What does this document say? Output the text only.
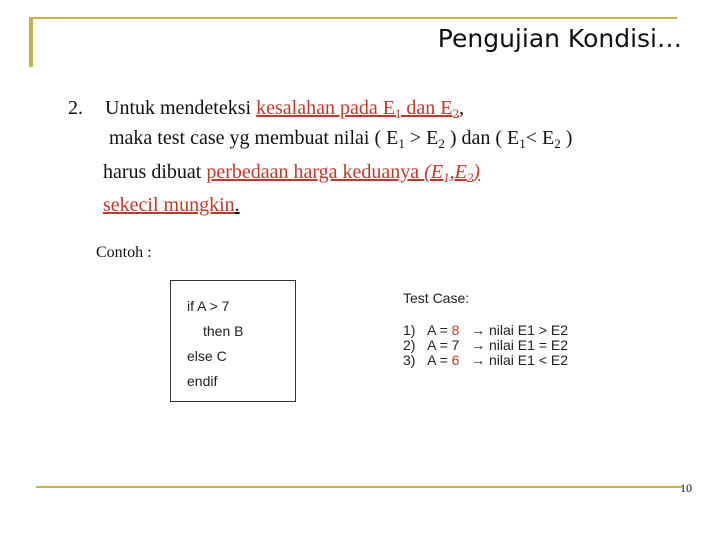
Pengujian Kondisi…
2. Untuk mendeteksi kesalahan pada $E_1$ dan $E_2$,
maka test case yg membuat nilai ( $E_1 > E_2$ ) dan ( $E_1< E_2$ )
harus dibuat perbedaan harga keduanya $(E_1,E_2)$
sekecil mungkin.
Contoh :
if A > 7
then B
else C
endif
Test Case:
1) A = 8 → nilai E1 > E2
2) A = 7 → nilai E1 = E2
3) A = 6 → nilai E1 < E2
10
